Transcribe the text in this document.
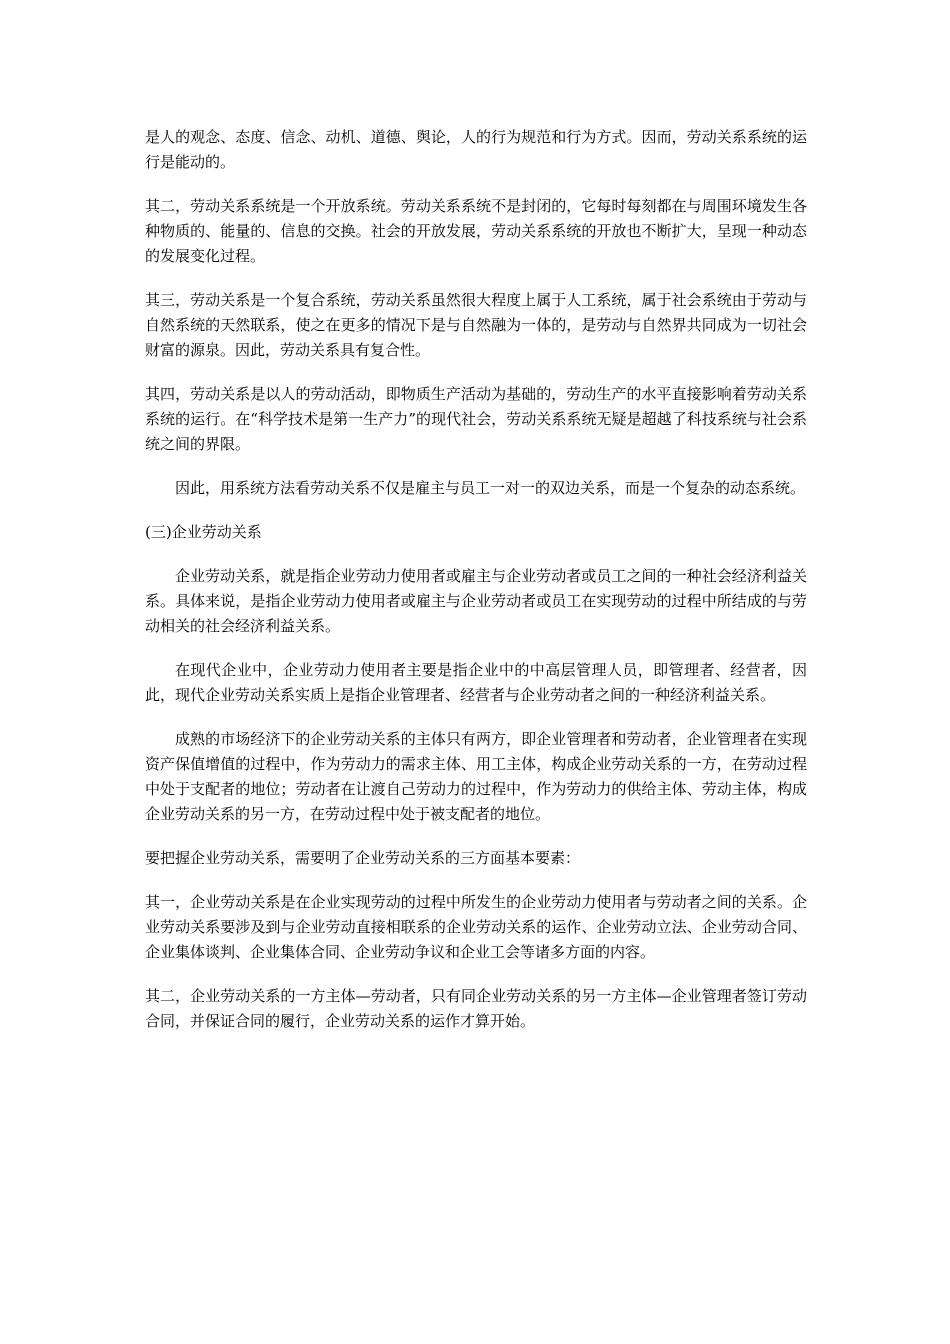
是人的观念、态度、信念、动机、道德、舆论，人的行为规范和行为方式。因而，劳动关系系统的运行是能动的。

其二，劳动关系系统是一个开放系统。劳动关系系统不是封闭的，它每时每刻都在与周围环境发生各种物质的、能量的、信息的交换。社会的开放发展，劳动关系系统的开放也不断扩大，呈现一种动态的发展变化过程。

其三，劳动关系是一个复合系统，劳动关系虽然很大程度上属于人工系统，属于社会系统由于劳动与自然系统的天然联系，使之在更多的情况下是与自然融为一体的，是劳动与自然界共同成为一切社会财富的源泉。因此，劳动关系具有复合性。

其四，劳动关系是以人的劳动活动，即物质生产活动为基础的，劳动生产的水平直接影响着劳动关系系统的运行。在“科学技术是第一生产力”的现代社会，劳动关系系统无疑是超越了科技系统与社会系统之间的界限。

因此，用系统方法看劳动关系不仅是雇主与员工一对一的双边关系，而是一个复杂的动态系统。

(三)企业劳动关系

企业劳动关系，就是指企业劳动力使用者或雇主与企业劳动者或员工之间的一种社会经济利益关系。具体来说，是指企业劳动力使用者或雇主与企业劳动者或员工在实现劳动的过程中所结成的与劳动相关的社会经济利益关系。

在现代企业中，企业劳动力使用者主要是指企业中的中高层管理人员，即管理者、经营者，因此，现代企业劳动关系实质上是指企业管理者、经营者与企业劳动者之间的一种经济利益关系。

成熟的市场经济下的企业劳动关系的主体只有两方，即企业管理者和劳动者，企业管理者在实现资产保值增值的过程中，作为劳动力的需求主体、用工主体，构成企业劳动关系的一方，在劳动过程中处于支配者的地位；劳动者在让渡自己劳动力的过程中，作为劳动力的供给主体、劳动主体，构成企业劳动关系的另一方，在劳动过程中处于被支配者的地位。

要把握企业劳动关系，需要明了企业劳动关系的三方面基本要素：

其一，企业劳动关系是在企业实现劳动的过程中所发生的企业劳动力使用者与劳动者之间的关系。企业劳动关系要涉及到与企业劳动直接相联系的企业劳动关系的运作、企业劳动立法、企业劳动合同、企业集体谈判、企业集体合同、企业劳动争议和企业工会等诸多方面的内容。

其二，企业劳动关系的一方主体—劳动者，只有同企业劳动关系的另一方主体—企业管理者签订劳动合同，并保证合同的履行，企业劳动关系的运作才算开始。
